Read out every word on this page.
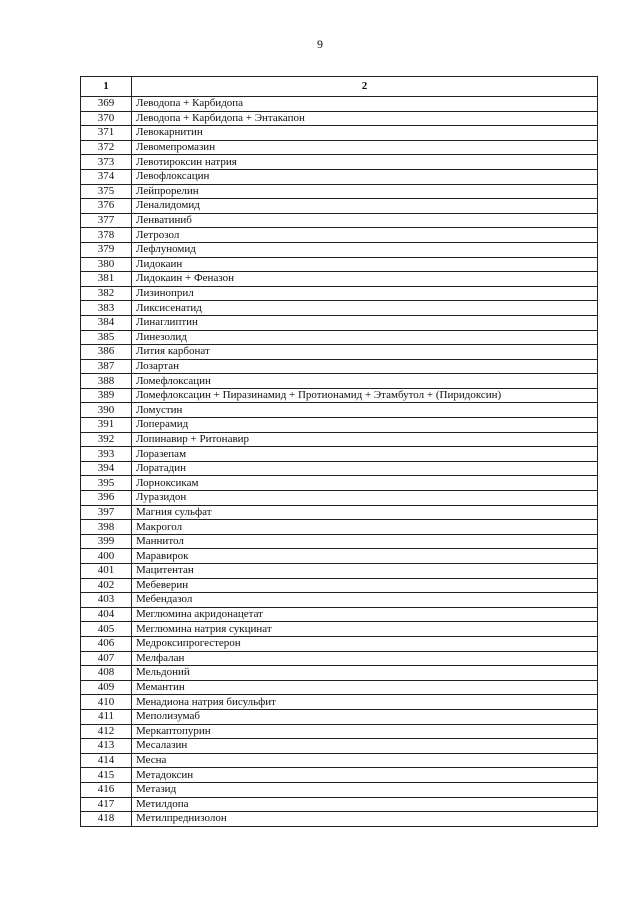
9
1	2
369	Леводопа + Карбидопа
370	Леводопа + Карбидопа + Энтакапон
371	Левокарнитин
372	Левомепромазин
373	Левотироксин натрия
374	Левофлоксацин
375	Лейпрорелин
376	Леналидомид
377	Ленватиниб
378	Летрозол
379	Лефлуномид
380	Лидокаин
381	Лидокаин + Феназон
382	Лизиноприл
383	Ликсисенатид
384	Линаглиптин
385	Линезолид
386	Лития карбонат
387	Лозартан
388	Ломефлоксацин
389	Ломефлоксацин + Пиразинамид + Протионамид + Этамбутол + (Пиридоксин)
390	Ломустин
391	Лоперамид
392	Лопинавир + Ритонавир
393	Лоразепам
394	Лоратадин
395	Лорноксикам
396	Луразидон
397	Магния сульфат
398	Макрогол
399	Маннитол
400	Маравирок
401	Мацитентан
402	Мебеверин
403	Мебендазол
404	Меглюмина акридонацетат
405	Меглюмина натрия сукцинат
406	Медроксипрогестерон
407	Мелфалан
408	Мельдоний
409	Мемантин
410	Менадиона натрия бисульфит
411	Меполизумаб
412	Меркаптопурин
413	Месалазин
414	Месна
415	Метадоксин
416	Метазид
417	Метилдопа
418	Метилпреднизолон
